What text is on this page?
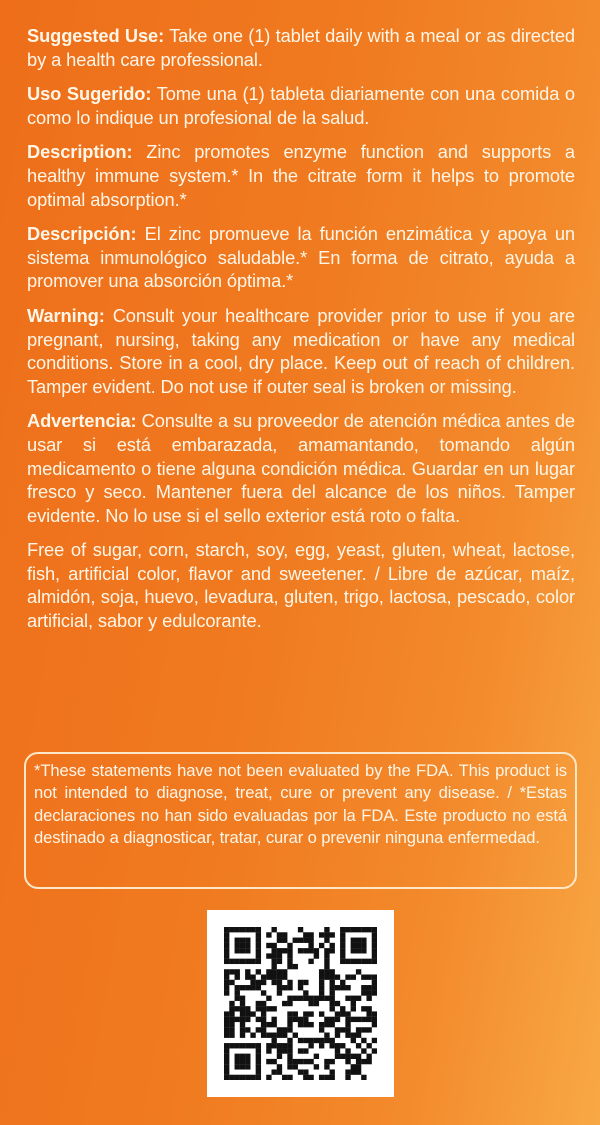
Suggested Use: Take one (1) tablet daily with a meal or as directed by a health care professional.

Uso Sugerido: Tome una (1) tableta diariamente con una comida o como lo indique un profesional de la salud.

Description: Zinc promotes enzyme function and supports a healthy immune system.* In the citrate form it helps to promote optimal absorption.*

Descripción: El zinc promueve la función enzimática y apoya un sistema inmunológico saludable.* En forma de citrato, ayuda a promover una absorción óptima.*

Warning: Consult your healthcare provider prior to use if you are pregnant, nursing, taking any medication or have any medical conditions. Store in a cool, dry place. Keep out of reach of children. Tamper evident. Do not use if outer seal is broken or missing.

Advertencia: Consulte a su proveedor de atención médica antes de usar si está embarazada, amamantando, tomando algún medicamento o tiene alguna condición médica. Guardar en un lugar fresco y seco. Mantener fuera del alcance de los niños. Tamper evidente. No lo use si el sello exterior está roto o falta.

Free of sugar, corn, starch, soy, egg, yeast, gluten, wheat, lactose, fish, artificial color, flavor and sweetener. / Libre de azúcar, maíz, almidón, soja, huevo, levadura, gluten, trigo, lactosa, pescado, color artificial, sabor y edulcorante.

*These statements have not been evaluated by the FDA. This product is not intended to diagnose, treat, cure or prevent any disease. / *Estas declaraciones no han sido evaluadas por la FDA. Este producto no está destinado a diagnosticar, tratar, curar o prevenir ninguna enfermedad.
